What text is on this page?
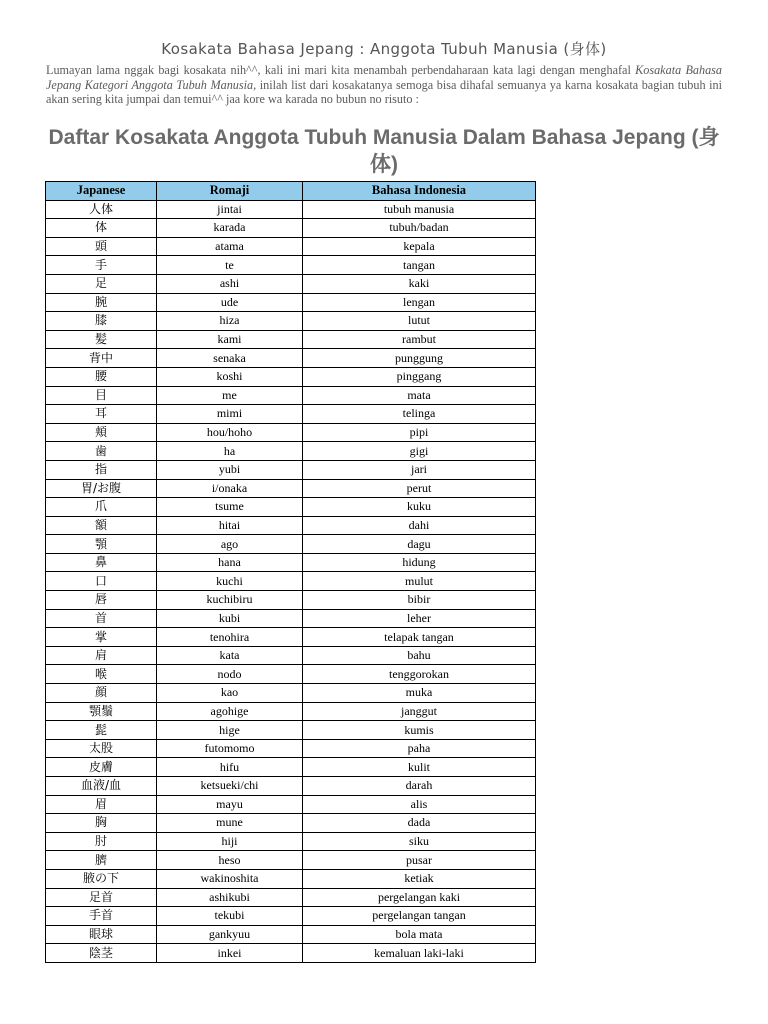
Kosakata Bahasa Jepang : Anggota Tubuh Manusia (身体)

Lumayan lama nggak bagi kosakata nih^^, kali ini mari kita menambah perbendaharaan kata lagi dengan menghafal Kosakata Bahasa Jepang Kategori Anggota Tubuh Manusia, inilah list dari kosakatanya semoga bisa dihafal semuanya ya karna kosakata bagian tubuh ini akan sering kita jumpai dan temui^^ jaa kore wa karada no bubun no risuto :

Daftar Kosakata Anggota Tubuh Manusia Dalam Bahasa Jepang (身体)
Japanese	Romaji	Bahasa Indonesia
人体	jintai	tubuh manusia
体	karada	tubuh/badan
頭	atama	kepala
手	te	tangan
足	ashi	kaki
腕	ude	lengan
膝	hiza	lutut
髪	kami	rambut
背中	senaka	punggung
腰	koshi	pinggang
目	me	mata
耳	mimi	telinga
頬	hou/hoho	pipi
歯	ha	gigi
指	yubi	jari
胃/お腹	i/onaka	perut
爪	tsume	kuku
額	hitai	dahi
顎	ago	dagu
鼻	hana	hidung
口	kuchi	mulut
唇	kuchibiru	bibir
首	kubi	leher
掌	tenohira	telapak tangan
肩	kata	bahu
喉	nodo	tenggorokan
顔	kao	muka
顎鬚	agohige	janggut
髭	hige	kumis
太股	futomomo	paha
皮膚	hifu	kulit
血液/血	ketsueki/chi	darah
眉	mayu	alis
胸	mune	dada
肘	hiji	siku
臍	heso	pusar
腋の下	wakinoshita	ketiak
足首	ashikubi	pergelangan kaki
手首	tekubi	pergelangan tangan
眼球	gankyuu	bola mata
陰茎	inkei	kemaluan laki-laki
